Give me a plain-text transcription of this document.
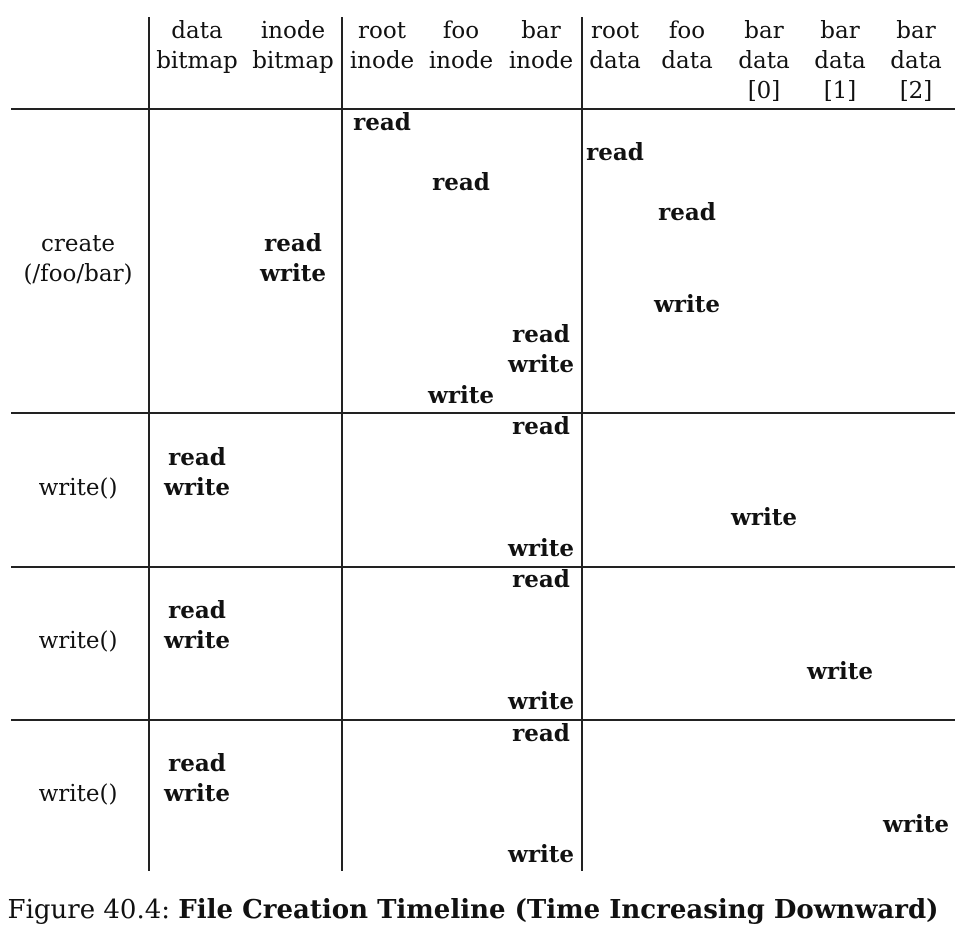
data
bitmap
inode
bitmap
root
inode
foo
inode
bar
inode
root
data
foo
data
bar
data
[0]
bar
data
[1]
bar
data
[2]
create
(/foo/bar)
read
read
read
read
read
write
write
read
write
write
write()
read
read
write
write
write
write()
read
read
write
write
write
write()
read
read
write
write
write
Figure 40.4: File Creation Timeline (Time Increasing Downward)
